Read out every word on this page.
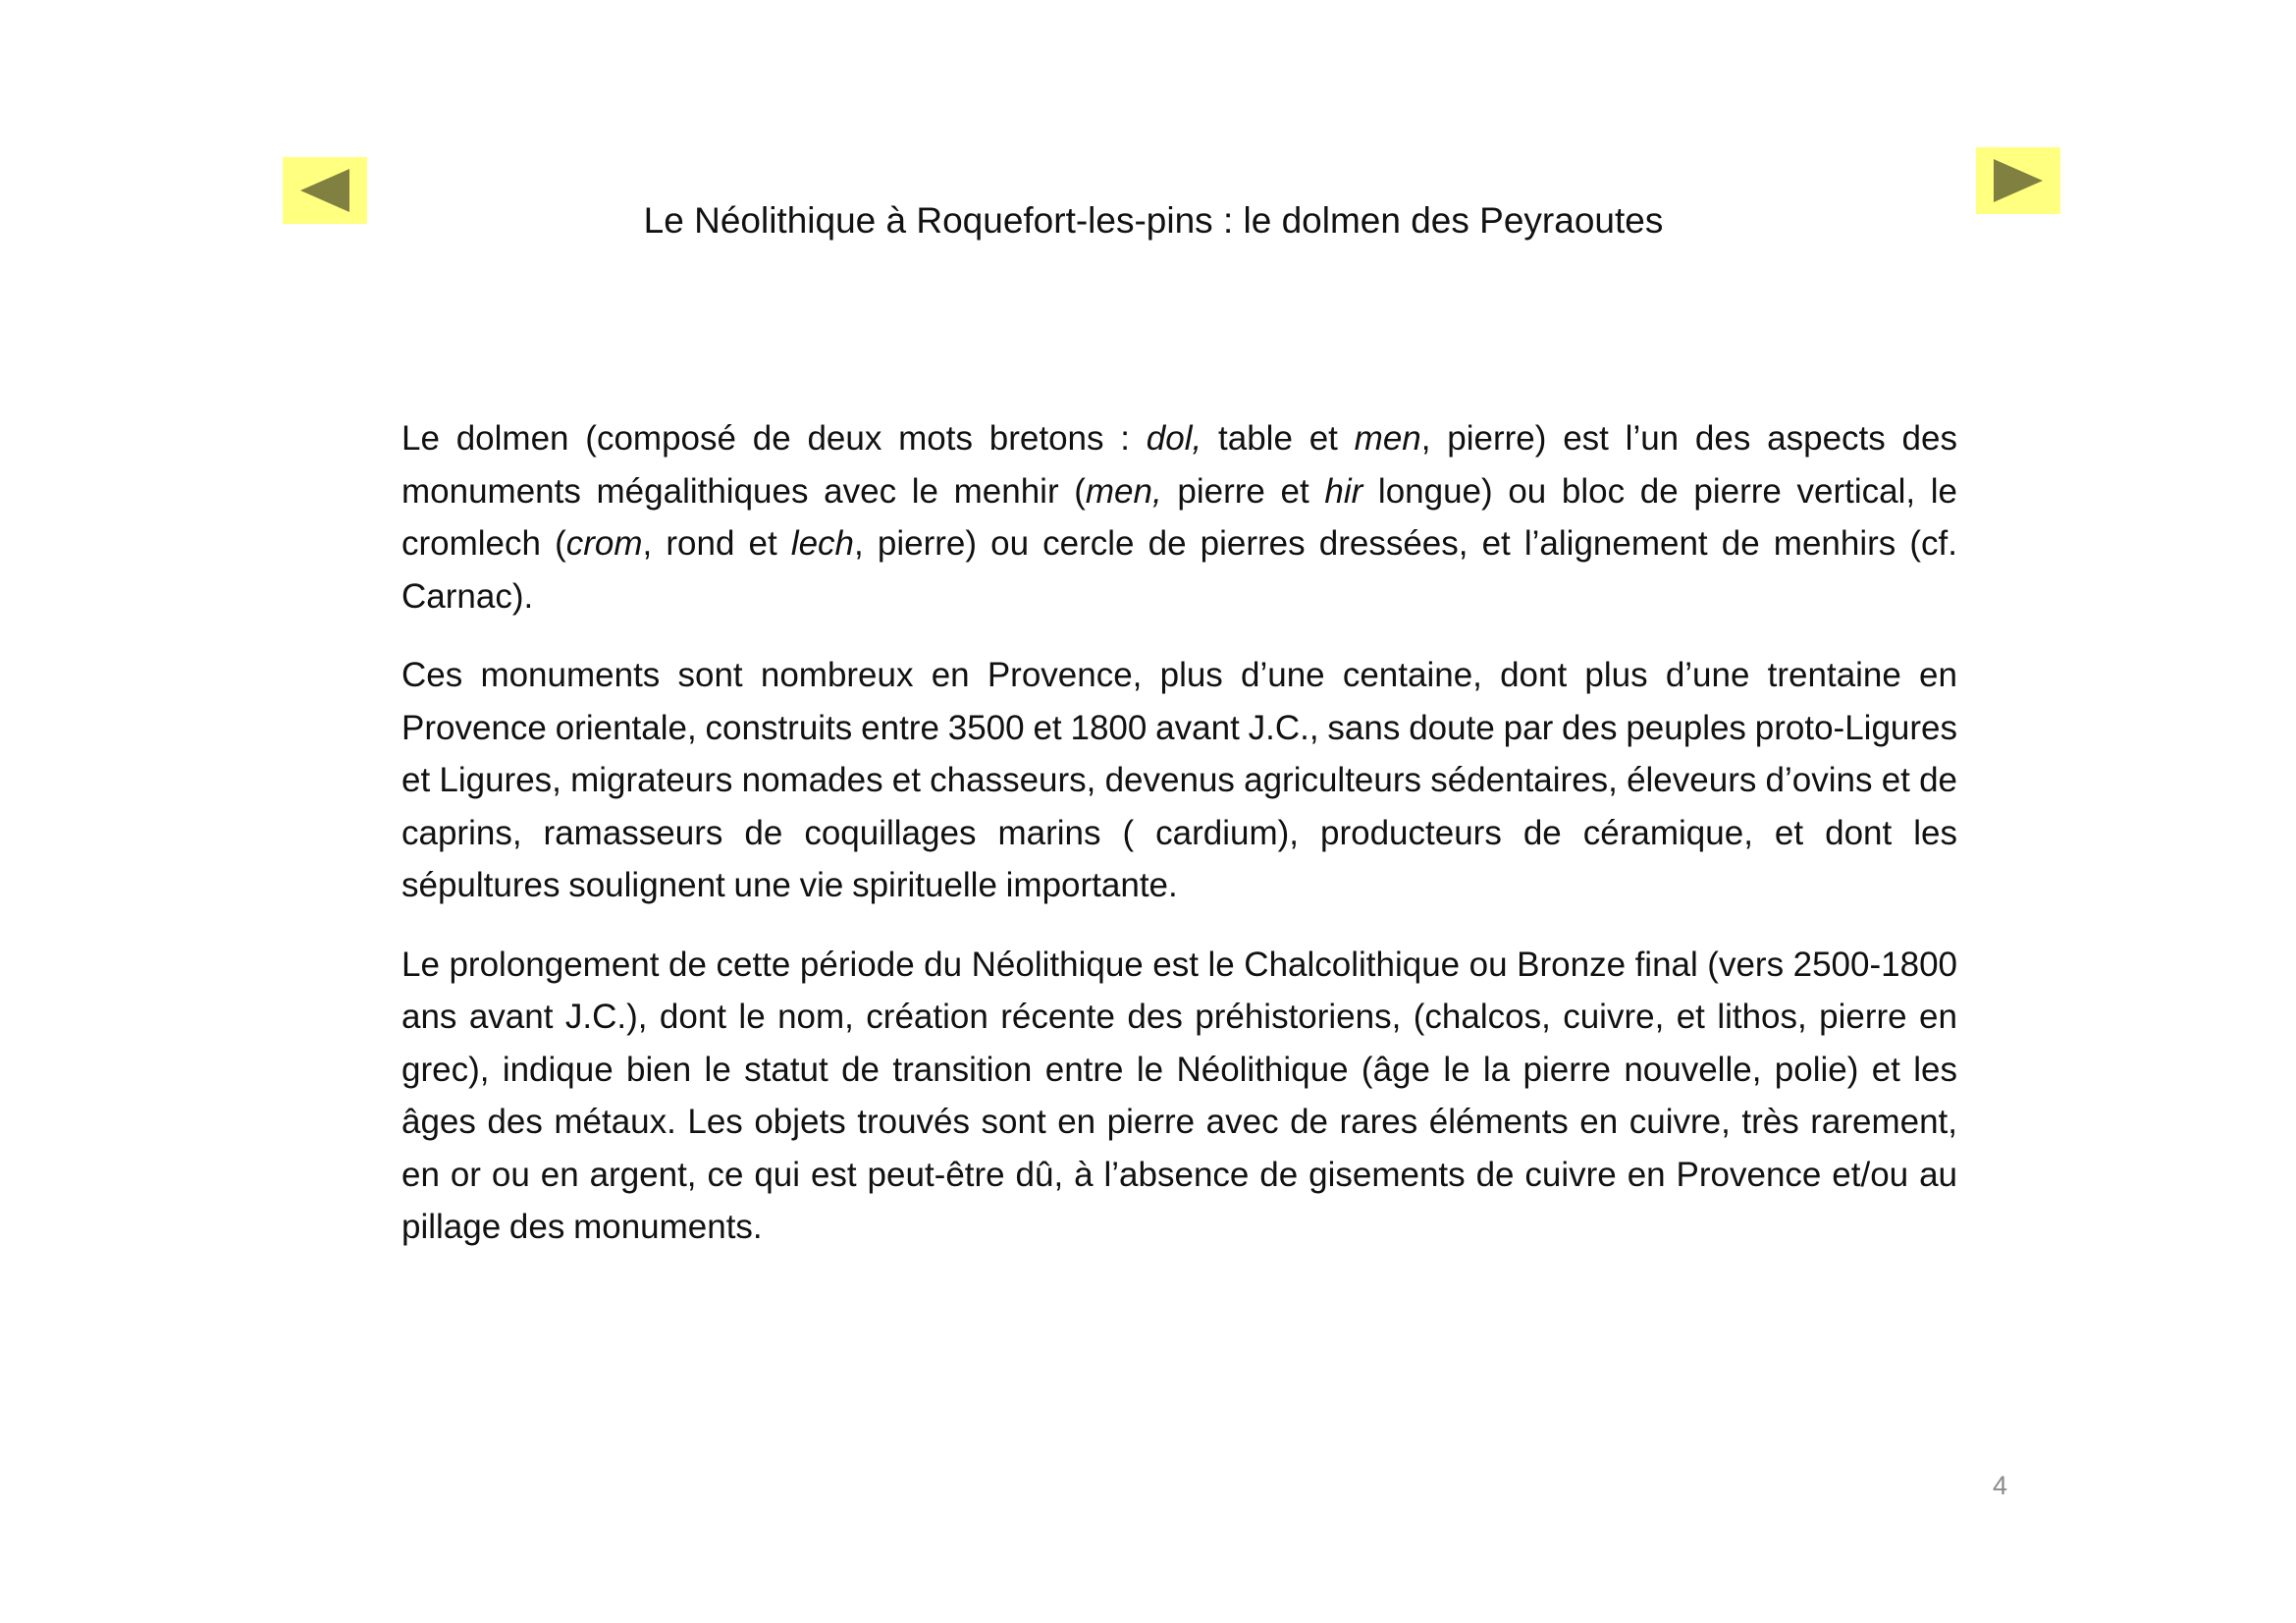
Le Néolithique à Roquefort-les-pins : le dolmen des Peyraoutes

Le dolmen (composé de deux mots bretons : dol, table et men, pierre) est l’un des aspects des monuments mégalithiques avec le menhir (men, pierre et hir longue) ou bloc de pierre vertical, le cromlech (crom, rond et lech, pierre) ou cercle de pierres dressées, et l’alignement de menhirs (cf. Carnac).

Ces monuments sont nombreux en Provence, plus d’une centaine, dont plus d’une trentaine en Provence orientale, construits entre 3500 et 1800 avant J.C., sans doute par des peuples proto-Ligures et Ligures, migrateurs nomades et chasseurs, devenus agriculteurs sédentaires, éleveurs d’ovins et de caprins, ramasseurs de coquillages marins ( cardium), producteurs de céramique, et dont les sépultures soulignent une vie spirituelle importante.

Le prolongement de cette période du Néolithique est le Chalcolithique ou Bronze final (vers 2500-1800 ans avant J.C.), dont le nom, création récente des préhistoriens, (chalcos, cuivre, et lithos, pierre en grec), indique bien le statut de transition entre le Néolithique (âge le la pierre nouvelle, polie) et les âges des métaux. Les objets trouvés sont en pierre avec de rares éléments en cuivre, très rarement, en or ou en argent, ce qui est peut-être dû, à l’absence de gisements de cuivre en Provence et/ou au pillage des monuments.

4
